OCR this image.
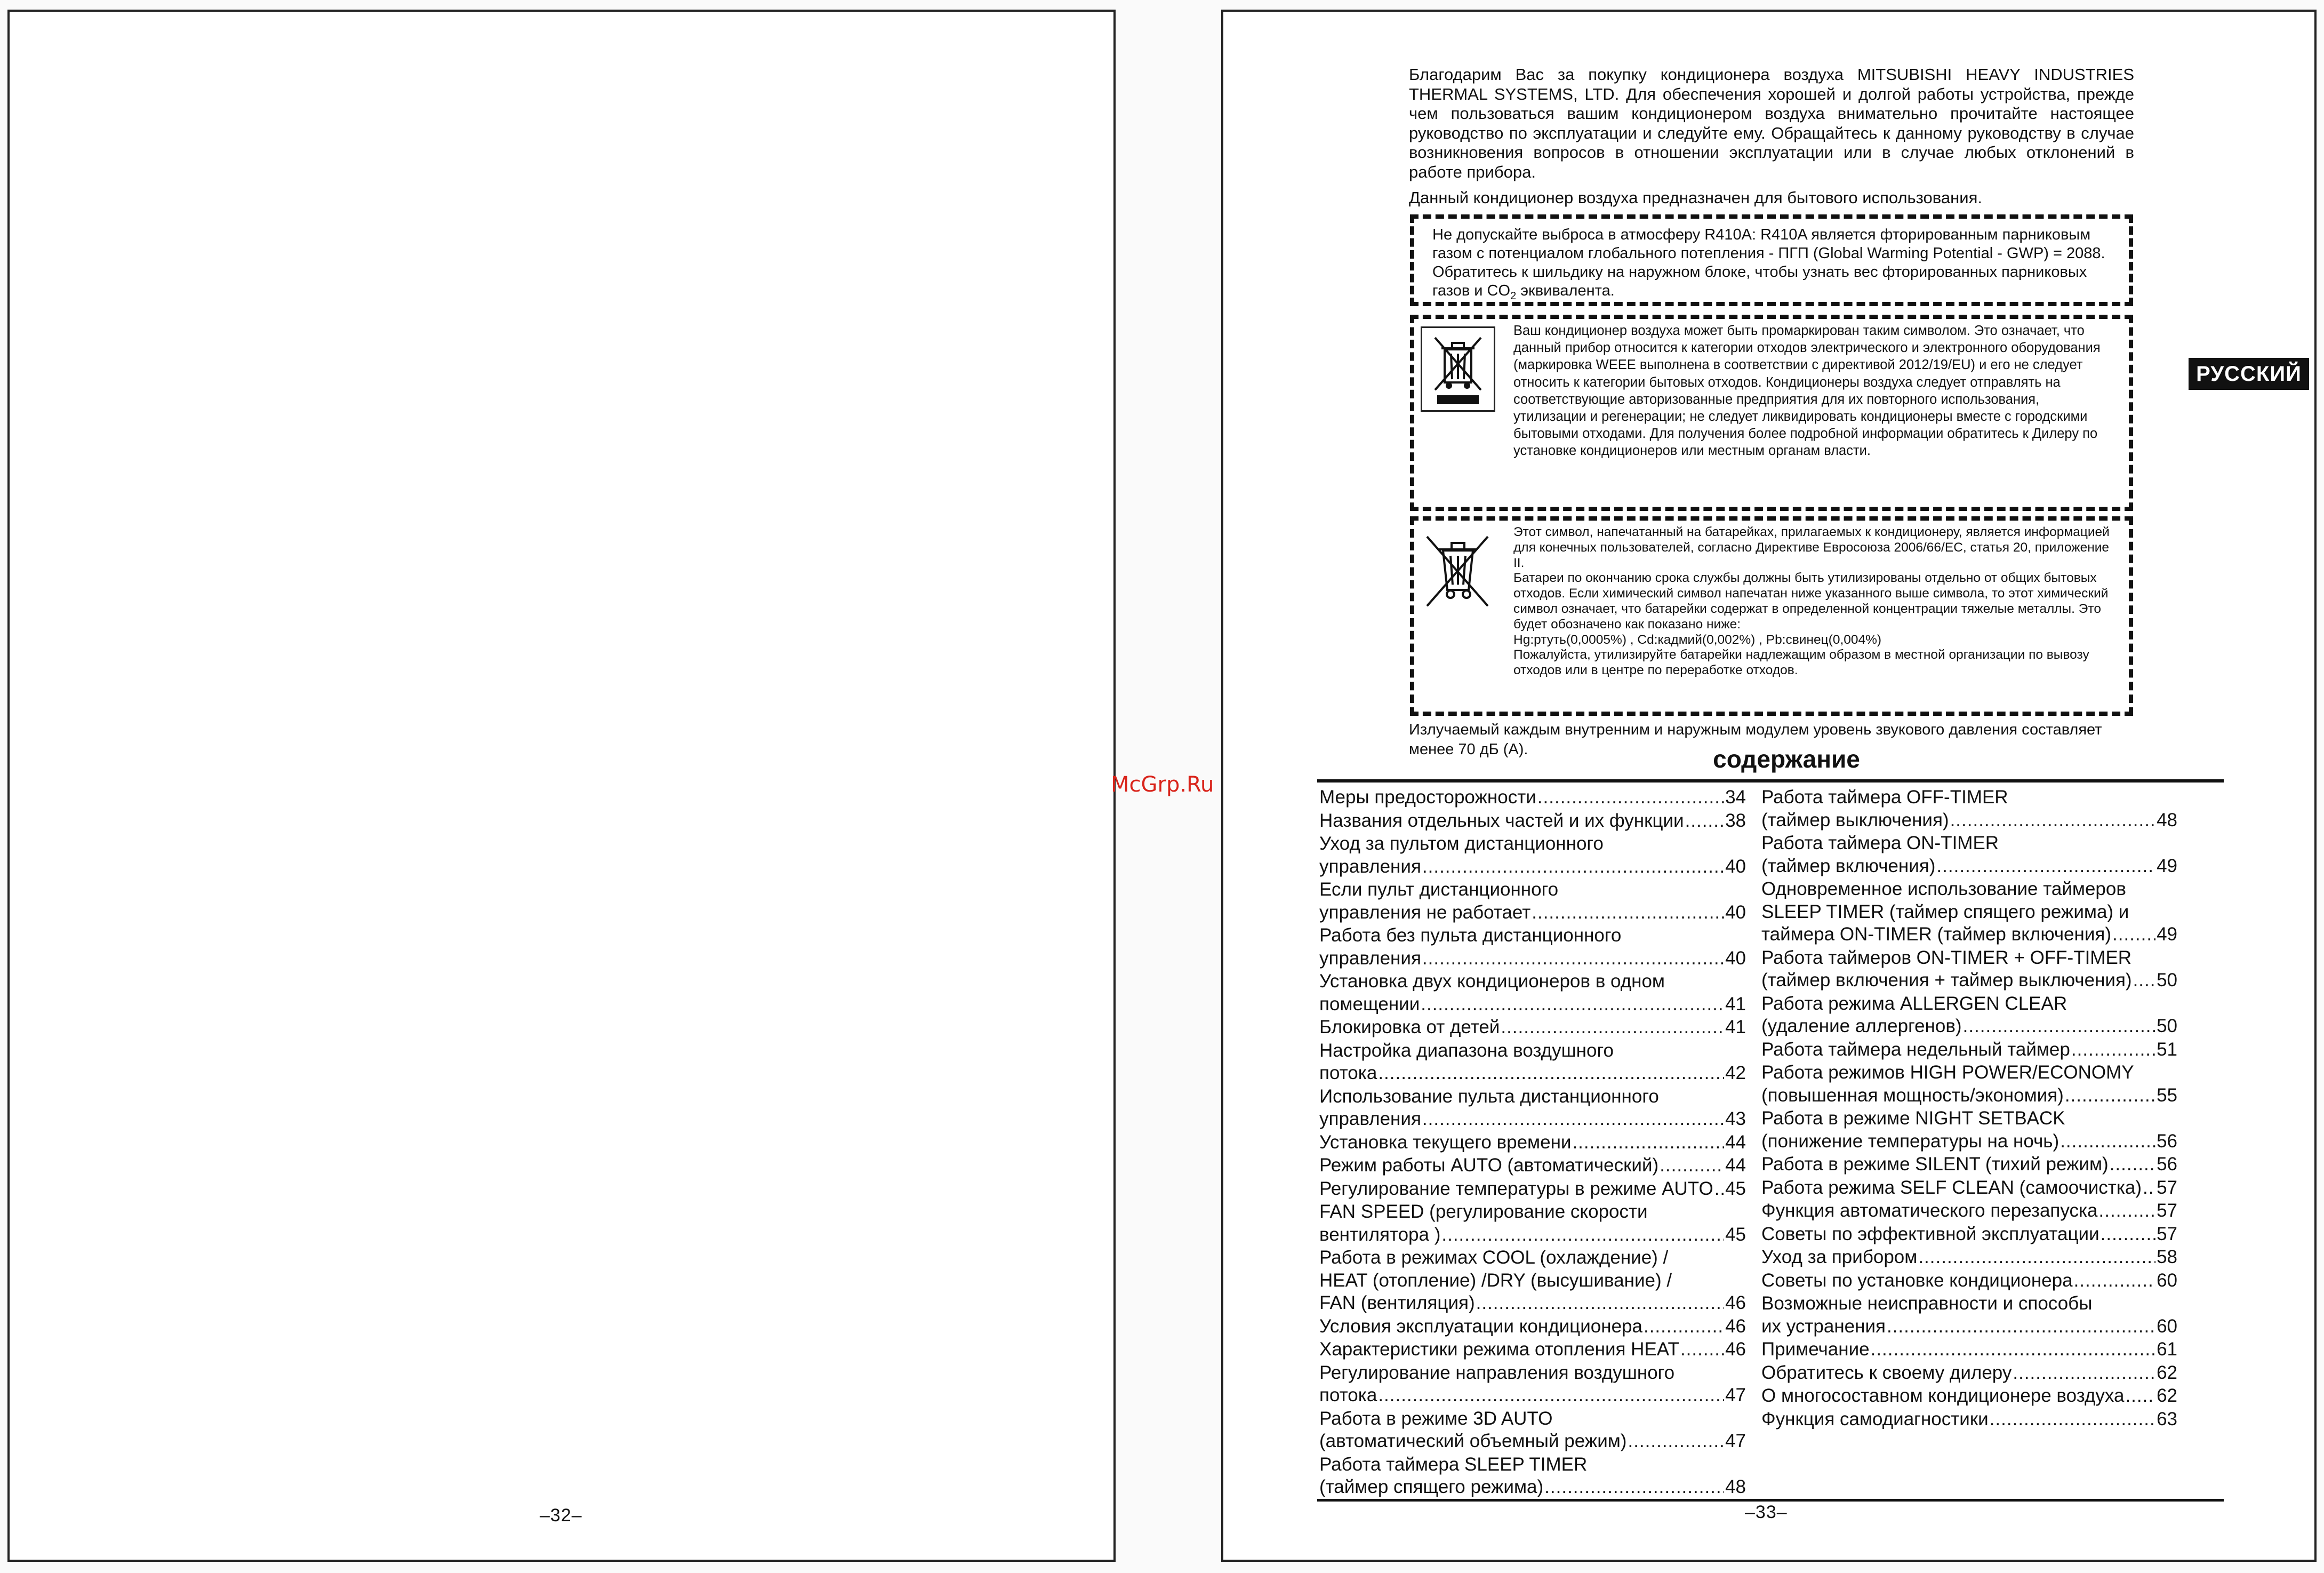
–32–
McGrp.Ru
РУССКИЙ

Благодарим Вас за покупку кондиционера воздуха MITSUBISHI HEAVY INDUSTRIES THERMAL SYSTEMS, LTD. Для обеспечения хорошей и долгой работы устройства, прежде чем пользоваться вашим кондиционером воздуха внимательно прочитайте настоящее руководство по эксплуатации и следуйте ему. Обращайтесь к данному руководству в случае возникновения вопросов в отношении эксплуатации или в случае любых отклонений в работе прибора.

Данный кондиционер воздуха предназначен для бытового использования.

Не допускайте выброса в атмосферу R410A: R410A является фторированным парниковым газом с потенциалом глобального потепления - ПГП (Global Warming Potential - GWP) = 2088. Обратитесь к шильдику на наружном блоке, чтобы узнать вес фторированных парниковых газов и $CO_2$ эквивалента.

Ваш кондиционер воздуха может быть промаркирован таким символом. Это означает, что данный прибор относится к категории отходов электрического и электронного оборудования (маркировка WEEE выполнена в соответствии с директивой 2012/19/EU) и его не следует относить к категории бытовых отходов. Кондиционеры воздуха следует отправлять на соответствующие авторизованные предприятия для их повторного использования, утилизации и регенерации; не следует ликвидировать кондиционеры вместе с городскими бытовыми отходами. Для получения более подробной информации обратитесь к Дилеру по установке кондиционеров или местным органам власти.

Этот символ, напечатанный на батарейках, прилагаемых к кондиционеру, является информацией для конечных пользователей, согласно Директиве Евросоюза 2006/66/EC, статья 20, приложение II.
Батареи по окончанию срока службы должны быть утилизированы отдельно от общих бытовых отходов. Если химический символ напечатан ниже указанного выше символа, то этот химический символ означает, что батарейки содержат в определенной концентрации тяжелые металлы. Это будет обозначено как показано ниже:
Hg:ртуть(0,0005%) , Cd:кадмий(0,002%) , Pb:свинец(0,004%)
Пожалуйста, утилизируйте батарейки надлежащим образом в местной организации по вывозу отходов или в центре по переработке отходов.

Излучаемый каждым внутренним и наружным модулем уровень звукового давления составляет менее 70 дБ (А).	содержание
Меры предосторожности .....	34
Названия отдельных частей и их функции ..... 38
Уход за пультом дистанционного
управления .....	40
Если пульт дистанционного
управления не работает .....	40
Работа без пульта дистанционного
управления .....	40
Установка двух кондиционеров в одном
помещении .....	41
Блокировка от детей .....	41
Настройка диапазона воздушного
потока .....	42
Использование пульта дистанционного
управления .....	43
Установка текущего времени .....	44
Режим работы AUTO (автоматический) .....	44
Регулирование температуры в режиме AUTO ..... 45
FAN SPEED (регулирование скорости
вентилятора ) .....	45
Работа в режимах COOL (охлаждение) /
HEAT (отопление) /DRY (высушивание) /
FAN (вентиляция) .....	46
Условия эксплуатации кондиционера .....	46
Характеристики режима отопления HEAT ..... 46
Регулирование направления воздушного
потока .....	47
Работа в режиме 3D AUTO
(автоматический объемный режим) .....	47
Работа таймера SLEEP TIMER
(таймер спящего режима) .....	48
Работа таймера OFF-TIMER
(таймер выключения) .....	48
Работа таймера ON-TIMER
(таймер включения) .....	49
Одновременное использование таймеров
SLEEP TIMER (таймер спящего режима) и
таймера ON-TIMER (таймер включения) ..... 49
Работа таймеров ON-TIMER + OFF-TIMER
(таймер включения + таймер выключения) ..... 50
Работа режима ALLERGEN CLEAR
(удаление аллергенов) .....	50
Работа таймера недельный таймер .....	51
Работа режимов HIGH POWER/ECONOMY
(повышенная мощность/экономия) .....	55
Работа в режиме NIGHT SETBACK
(понижение температуры на ночь) .....	56
Работа в режиме SILENT (тихий режим) .....	56
Работа режима SELF CLEAN (самоочистка) ..... 57
Функция автоматического перезапуска .....	57
Советы по эффективной эксплуатации .....	57
Уход за прибором .....	58
Советы по установке кондиционера .....	60
Возможные неисправности и способы
их устранения .....	60
Примечание .....	61
Обратитесь к своему дилеру .....	62
О многосоставном кондиционере воздуха ..... 62
Функция самодиагностики .....	63
–33–
